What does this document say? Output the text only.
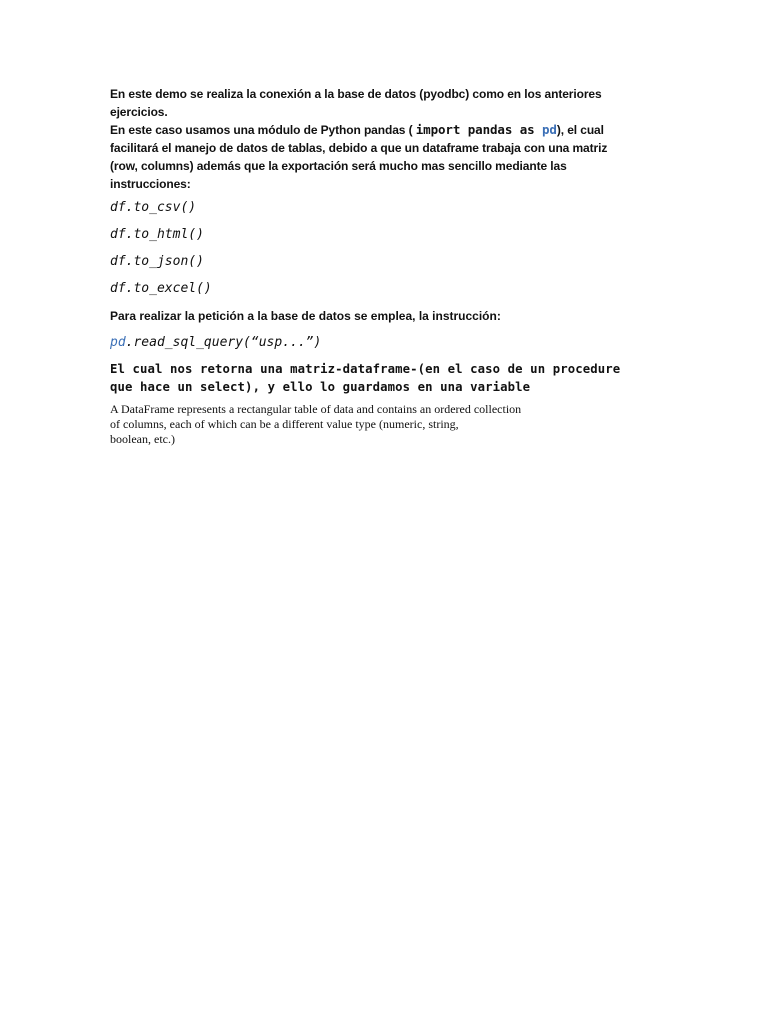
En este demo se realiza la conexión a la base de datos (pyodbc) como en los anteriores
ejercicios.
En este caso usamos una módulo de Python pandas ( import pandas as pd), el cual
facilitará el manejo de datos de tablas, debido a que un dataframe trabaja con una matriz
(row, columns) además que la exportación será mucho mas sencillo mediante las
instrucciones:
df.to_csv()
df.to_html()
df.to_json()
df.to_excel()
Para realizar la petición a la base de datos se emplea, la instrucción:
pd.read_sql_query(“usp...”)
El cual nos retorna una matriz-dataframe-(en el caso de un procedure
que hace un select), y ello lo guardamos en una variable
A DataFrame represents a rectangular table of data and contains an ordered collection
of columns, each of which can be a different value type (numeric, string,
boolean, etc.)
